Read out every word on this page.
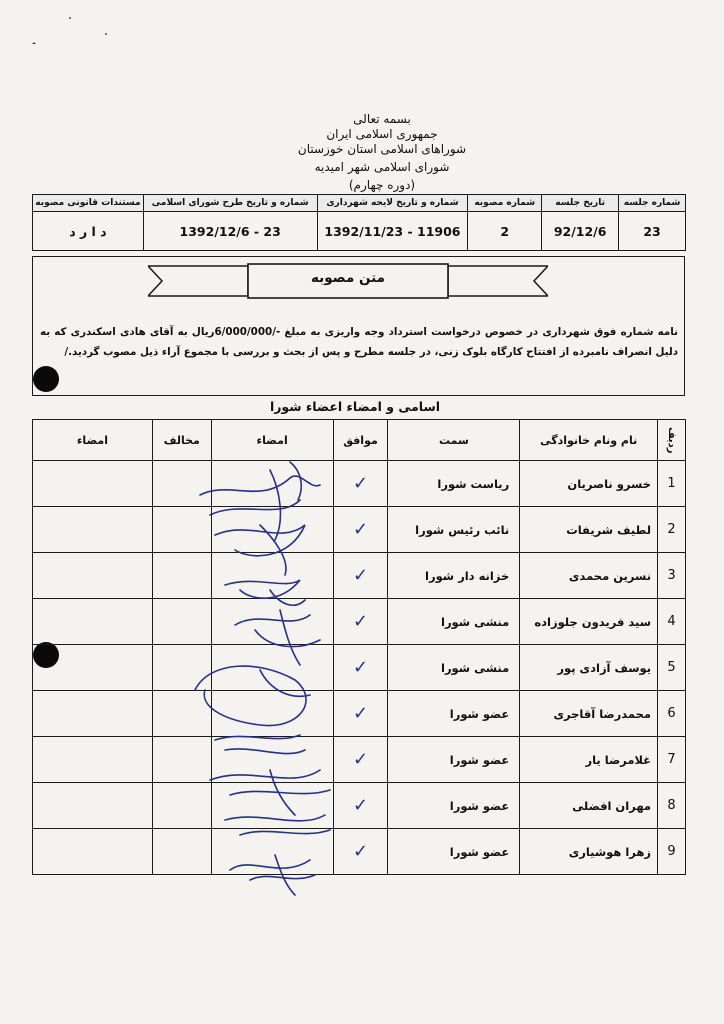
بسمه تعالی
جمهوری اسلامی ایران
شوراهای اسلامی استان خوزستان
شورای اسلامی شهر امیدیه
(دوره چهارم)
شماره جلسه	تاریخ جلسه	شماره مصوبه	شماره و تاریخ لایحه شهرداری	شماره و تاریخ طرح شورای اسلامی	مستندات قانونی مصوبه
23	92/12/6	2	1392/11/23 - 11906	1392/12/6 - 23	د ا ر د
متن مصوبه
نامه شماره فوق شهرداری در خصوص درخواست استرداد وجه واریزی به مبلغ -/6/000/000ریال به آقای هادی اسکندری که به دلیل انصراف نامبرده از افتتاح کارگاه بلوک زنی، در جلسه مطرح و پس از بحث و بررسی با مجموع آراء ذیل مصوب گردید./
اسامی و امضاء اعضاء شورا
ردیف	نام ونام خانوادگی	سمت	موافق	امضاء	مخالف	امضاء
1	خسرو ناصریان	ریاست شورا	✓			
2	لطیف شریفات	نائب رئیس شورا	✓			
3	نسرین محمدی	خزانه دار شورا	✓			
4	سید فریدون جلوزاده	منشی شورا	✓			
5	یوسف آزادی پور	منشی شورا	✓			
6	محمدرضا آقاجری	عضو شورا	✓			
7	غلامرضا یار	عضو شورا	✓			
8	مهران افضلی	عضو شورا	✓			
9	زهرا هوشیاری	عضو شورا	✓			
